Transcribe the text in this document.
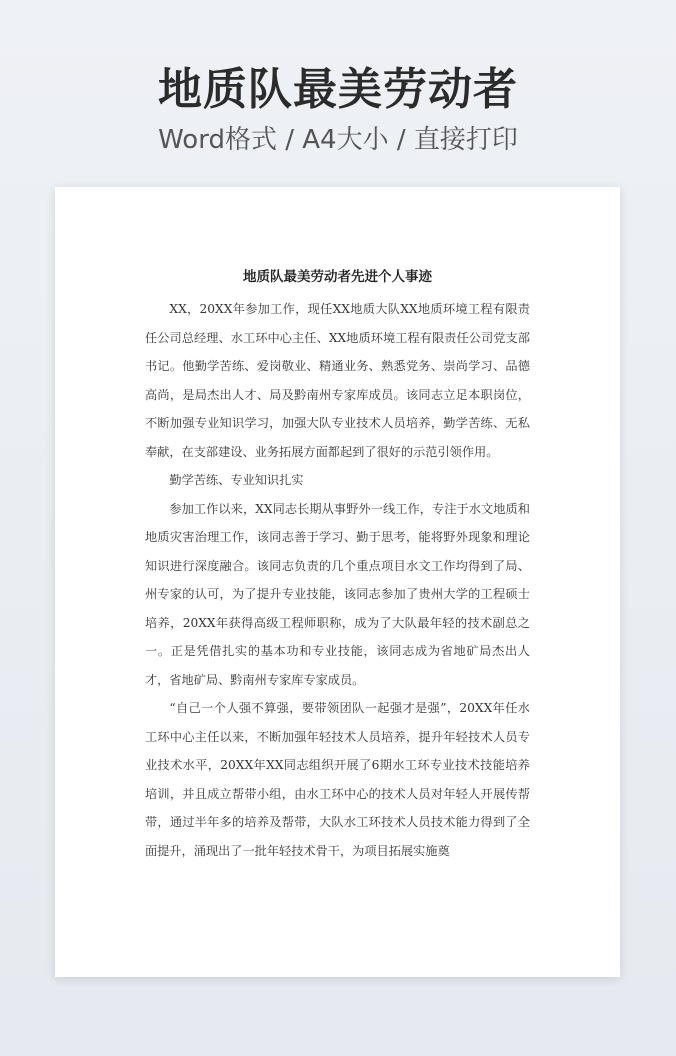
地质队最美劳动者
Word格式 / A4大小 / 直接打印

地质队最美劳动者先进个人事迹

XX，20XX年参加工作，现任XX地质大队XX地质环境工程有限责任公司总经理、水工环中心主任、XX地质环境工程有限责任公司党支部书记。他勤学苦练、爱岗敬业、精通业务、熟悉党务、崇尚学习、品德高尚，是局杰出人才、局及黔南州专家库成员。该同志立足本职岗位，不断加强专业知识学习，加强大队专业技术人员培养，勤学苦练、无私奉献，在支部建设、业务拓展方面都起到了很好的示范引领作用。

勤学苦练、专业知识扎实

参加工作以来，XX同志长期从事野外一线工作，专注于水文地质和地质灾害治理工作，该同志善于学习、勤于思考，能将野外现象和理论知识进行深度融合。该同志负责的几个重点项目水文工作均得到了局、州专家的认可，为了提升专业技能，该同志参加了贵州大学的工程硕士培养，20XX年获得高级工程师职称，成为了大队最年轻的技术副总之一。正是凭借扎实的基本功和专业技能，该同志成为省地矿局杰出人才，省地矿局、黔南州专家库专家成员。

“自己一个人强不算强，要带领团队一起强才是强”，20XX年任水工环中心主任以来，不断加强年轻技术人员培养，提升年轻技术人员专业技术水平，20XX年XX同志组织开展了6期水工环专业技术技能培养培训，并且成立帮带小组，由水工环中心的技术人员对年轻人开展传帮带，通过半年多的培养及帮带，大队水工环技术人员技术能力得到了全面提升，涌现出了一批年轻技术骨干，为项目拓展实施奠
